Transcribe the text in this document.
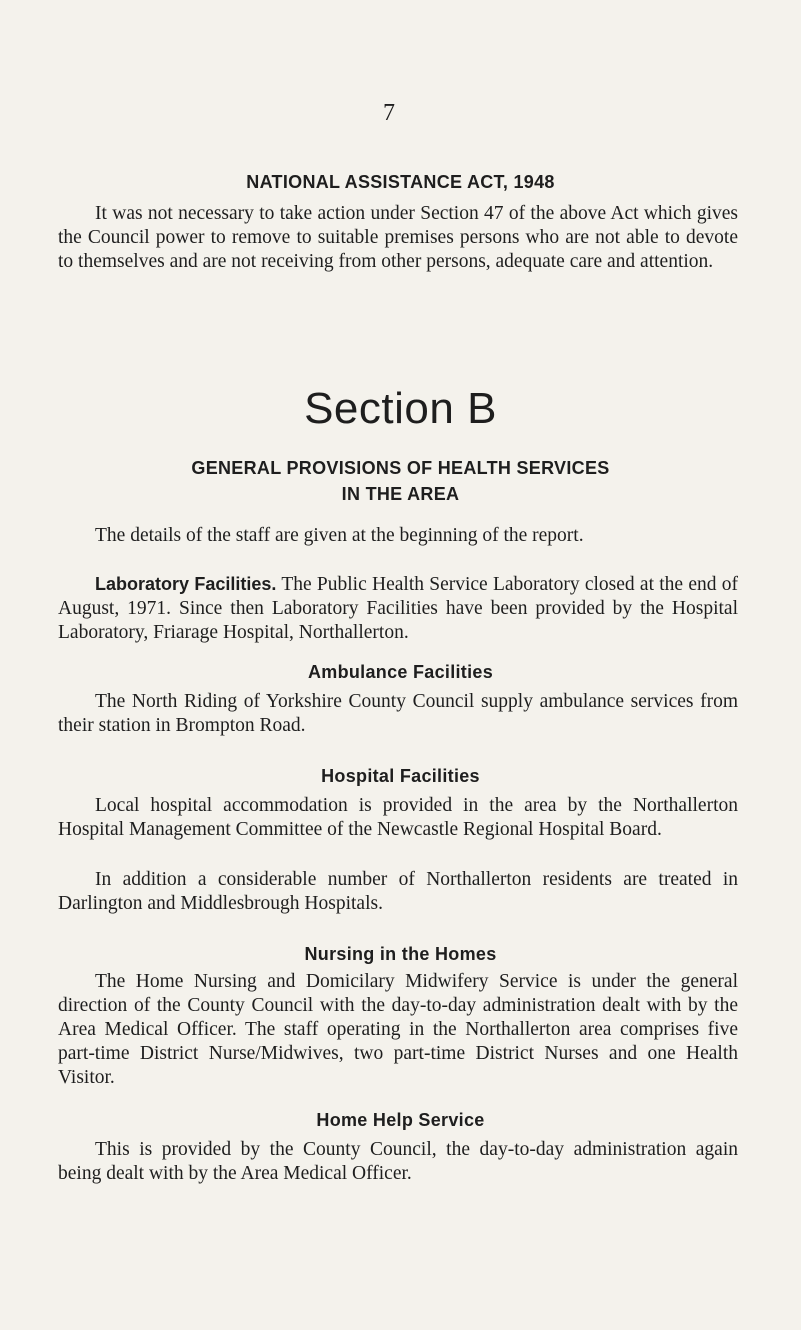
7
NATIONAL ASSISTANCE ACT, 1948

It was not necessary to take action under Section 47 of the above Act which gives the Council power to remove to suitable premises persons who are not able to devote to themselves and are not receiving from other persons, adequate care and attention.

Section B
GENERAL PROVISIONS OF HEALTH SERVICES
IN THE AREA

The details of the staff are given at the beginning of the report.

Laboratory Facilities. The Public Health Service Laboratory closed at the end of August, 1971. Since then Laboratory Facilities have been provided by the Hospital Laboratory, Friarage Hospital, Northallerton.

Ambulance Facilities

The North Riding of Yorkshire County Council supply ambulance services from their station in Brompton Road.

Hospital Facilities

Local hospital accommodation is provided in the area by the Northallerton Hospital Management Committee of the Newcastle Regional Hospital Board.

In addition a considerable number of Northallerton residents are treated in Darlington and Middlesbrough Hospitals.

Nursing in the Homes

The Home Nursing and Domicilary Midwifery Service is under the general direction of the County Council with the day-to-day administration dealt with by the Area Medical Officer. The staff operating in the Northallerton area comprises five part-time District Nurse/Midwives, two part-time District Nurses and one Health Visitor.

Home Help Service

This is provided by the County Council, the day-to-day administration again being dealt with by the Area Medical Officer.
